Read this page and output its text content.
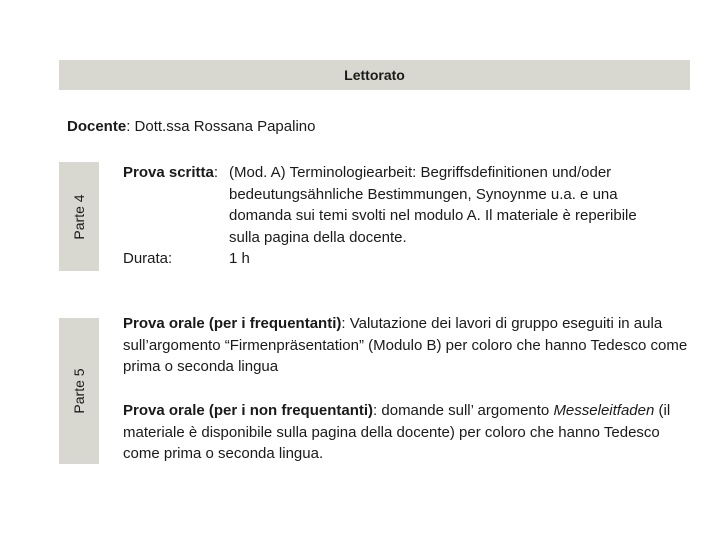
Lettorato
Docente: Dott.ssa Rossana Papalino
Parte 4
Parte 5
Prova scritta: (Mod. A) Terminologiearbeit: Begriffsdefinitionen und/oder bedeutungsähnliche Bestimmungen, Synoynme u.a. e una domanda sui temi svolti nel modulo A. Il materiale è reperibile sulla pagina della docente.
Durata:	1 h
Prova orale (per i frequentanti): Valutazione dei lavori di gruppo eseguiti in aula sull’argomento “Firmenpräsentation” (Modulo B) per coloro che hanno Tedesco come prima o seconda lingua
Prova orale (per i non frequentanti): domande sull’ argomento Messeleitfaden (il materiale è disponibile sulla pagina della docente) per coloro che hanno Tedesco come prima o seconda lingua.
